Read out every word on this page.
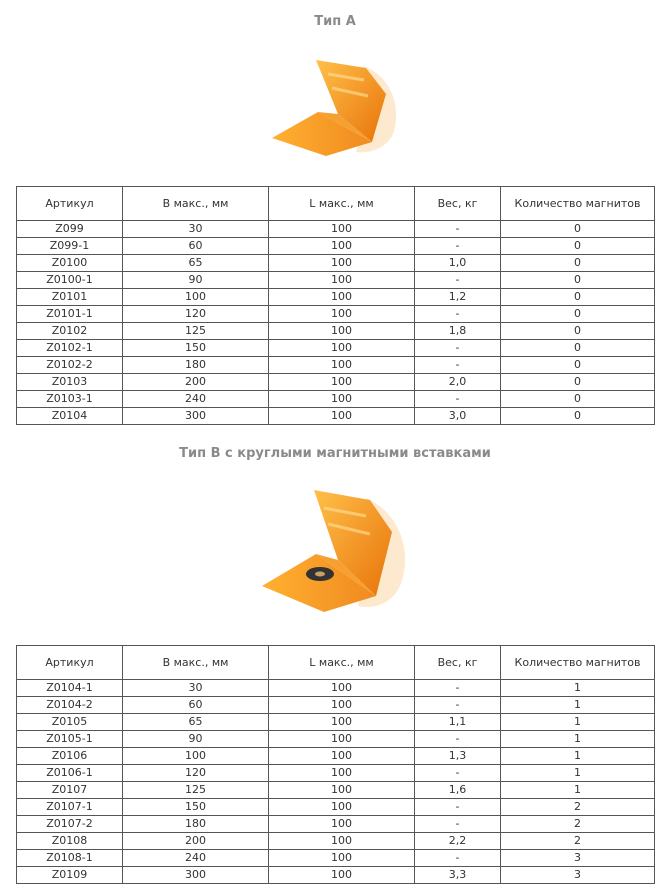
Тип A
Артикул	В макс., мм	L макс., мм	Вес, кг	Количество магнитов
Z099	30	100	-	0
Z099-1	60	100	-	0
Z0100	65	100	1,0	0
Z0100-1	90	100	-	0
Z0101	100	100	1,2	0
Z0101-1	120	100	-	0
Z0102	125	100	1,8	0
Z0102-1	150	100	-	0
Z0102-2	180	100	-	0
Z0103	200	100	2,0	0
Z0103-1	240	100	-	0
Z0104	300	100	3,0	0
Тип B с круглыми магнитными вставками
Артикул	В макс., мм	L макс., мм	Вес, кг	Количество магнитов
Z0104-1	30	100	-	1
Z0104-2	60	100	-	1
Z0105	65	100	1,1	1
Z0105-1	90	100	-	1
Z0106	100	100	1,3	1
Z0106-1	120	100	-	1
Z0107	125	100	1,6	1
Z0107-1	150	100	-	2
Z0107-2	180	100	-	2
Z0108	200	100	2,2	2
Z0108-1	240	100	-	3
Z0109	300	100	3,3	3
